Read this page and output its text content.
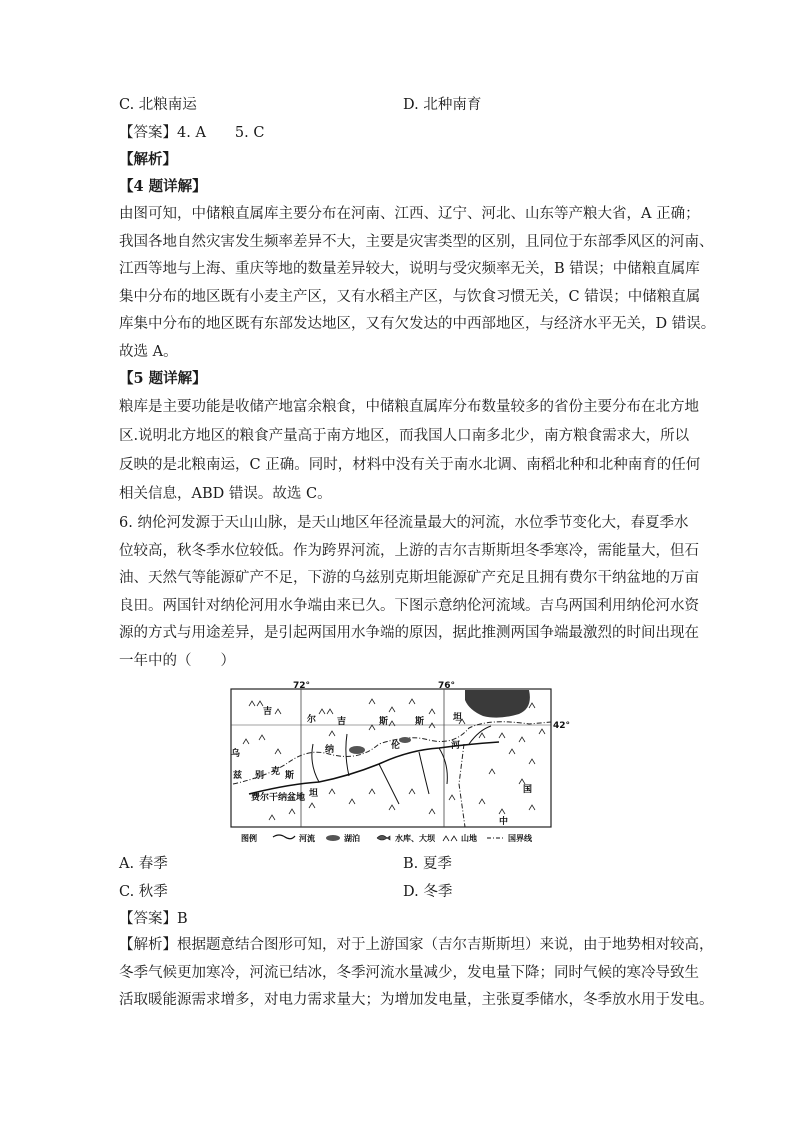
C. 北粮南运	D. 北种南育
【答案】4. A　　5. C
【解析】
【4 题详解】
由图可知，中储粮直属库主要分布在河南、江西、辽宁、河北、山东等产粮大省，A 正确；
我国各地自然灾害发生频率差异不大，主要是灾害类型的区别，且同位于东部季风区的河南、
江西等地与上海、重庆等地的数量差异较大，说明与受灾频率无关，B 错误；中储粮直属库
集中分布的地区既有小麦主产区，又有水稻主产区，与饮食习惯无关，C 错误；中储粮直属
库集中分布的地区既有东部发达地区，又有欠发达的中西部地区，与经济水平无关，D 错误。
故选 A。
【5 题详解】
粮库是主要功能是收储产地富余粮食，中储粮直属库分布数量较多的省份主要分布在北方地
区.说明北方地区的粮食产量高于南方地区，而我国人口南多北少，南方粮食需求大，所以
反映的是北粮南运，C 正确。同时，材料中没有关于南水北调、南稻北种和北种南育的任何
相关信息，ABD 错误。故选 C。
6. 纳伦河发源于天山山脉，是天山地区年径流量最大的河流，水位季节变化大，春夏季水
位较高，秋冬季水位较低。作为跨界河流，上游的吉尔吉斯斯坦冬季寒冷，需能量大，但石
油、天然气等能源矿产不足，下游的乌兹别克斯坦能源矿产充足且拥有费尔干纳盆地的万亩
良田。两国针对纳伦河用水争端由来已久。下图示意纳伦河流域。吉乌两国利用纳伦河水资
源的方式与用途差异，是引起两国用水争端的原因，据此推测两国争端最激烈的时间出现在
一年中的（　　）
72°	76°
42°
吉
尔 吉	斯	斯	坦
乌
兹 别 克 斯
坦
费尔干纳盆地
纳	伦	河
中
国
图例	河流	湖泊	水库、大坝	山地	国界线
A. 春季	B. 夏季
C. 秋季	D. 冬季
【答案】B
【解析】根据题意结合图形可知，对于上游国家（吉尔吉斯斯坦）来说，由于地势相对较高，
冬季气候更加寒冷，河流已结冰，冬季河流水量减少，发电量下降；同时气候的寒冷导致生
活取暖能源需求增多，对电力需求量大；为增加发电量，主张夏季储水，冬季放水用于发电。
